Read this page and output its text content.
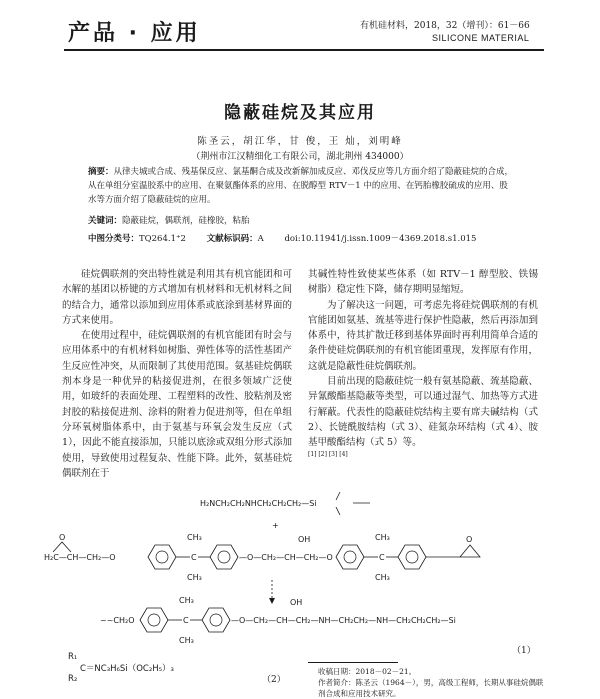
产品 · 应用	有机硅材料，2018，32（增刊）：61－66
SILICONE MATERIAL
隐蔽硅烷及其应用
陈圣云，胡江华，甘 俊，王 灿，刘明峰
（荆州市江汉精细化工有限公司，湖北荆州 434000）
摘要：从律夫城或合成、残基保反应、氯基酮合成及改新解加成反应、邓伐反应等几方面介绍了隐蔽硅烷的合成，从在单组分室温胶系中的应用、在聚氨酯体系的应用、在脱醇型 RTV－1 中的应用、在钙胎橡胶硫成的应用、股水等方面介绍了隐蔽硅烷的应用。
关键词：隐蔽硅烷，偶联剂，硅橡胶，粘胎
中图分类号：TQ264.1⁺2 文献标识码：A doi:10.11941/j.issn.1009－4369.2018.s1.015

硅烷偶联剂的突出特性就是利用其有机官能团和可水解的基团以桥键的方式增加有机材料和无机材料之间的结合力，通常以添加到应用体系或底涂到基材界面的方式来使用。

在使用过程中，硅烷偶联剂的有机官能团有时会与应用体系中的有机材料如树脂、弹性体等的活性基团产生反应性冲突，从而限制了其使用范围。氨基硅烷偶联剂本身是一种优异的粘接促进剂，在很多领域广泛使用，如玻纤的表面处理、工程塑料的改性、胶粘剂及密封胶的粘接促进剂、涂料的附着力促进剂等，但在单组分环氧树脂体系中，由于氨基与环氧会发生反应（式 1），因此不能直接添加，只能以底涂或双组分形式添加使用，导致使用过程复杂、性能下降。此外，氨基硅烷偶联剂在于

其碱性特性致使某些体系（如 RTV－1 醇型胶、铁锡树脂）稳定性下降，储存期明显缩短。

为了解决这一问题，可考虑先将硅烷偶联剂的有机官能团如氨基、巯基等进行保护性隐蔽，然后再添加到体系中，待其扩散迁移到基体界面时再利用简单合适的条件使硅烷偶联剂的有机官能团重现，发挥原有作用，这就是隐蔽性硅烷偶联剂。

目前出现的隐蔽硅烷一般有氨基隐蔽、巯基隐蔽、异氰酸酯基隐蔽等类型，可以通过湿气、加热等方式进行解蔽。代表性的隐蔽硅烷结构主要有席夫碱结构（式 2）、长链酰胺结构（式 3）、硅氮杂环结构（式 4）、胺基甲酸酯结构（式 5）等。

[1] [2] [3] [4]

H₂NCH₂CH₂NHCH₂CH₂CH₂—Si
+
H₂C—CH—CH₂—O
O
C
CH₃
CH₃
—O—CH₂—CH—CH₂—O
OH
C
CH₃
CH₃
O
~~CH₂O	C
CH₃
CH₃
—O—CH₂—CH—CH₂—NH—CH₂CH₂—NH—CH₂CH₂CH₂—Si
OH
（1）
R₁
C＝NC₃H₆Si（OC₂H₅）₃
R₂	（2）
收稿日期：2018－02－21。
作者简介：陈圣云（1964－），男，高级工程师，长期从事硅烷偶联剂合成和应用技术研究。
